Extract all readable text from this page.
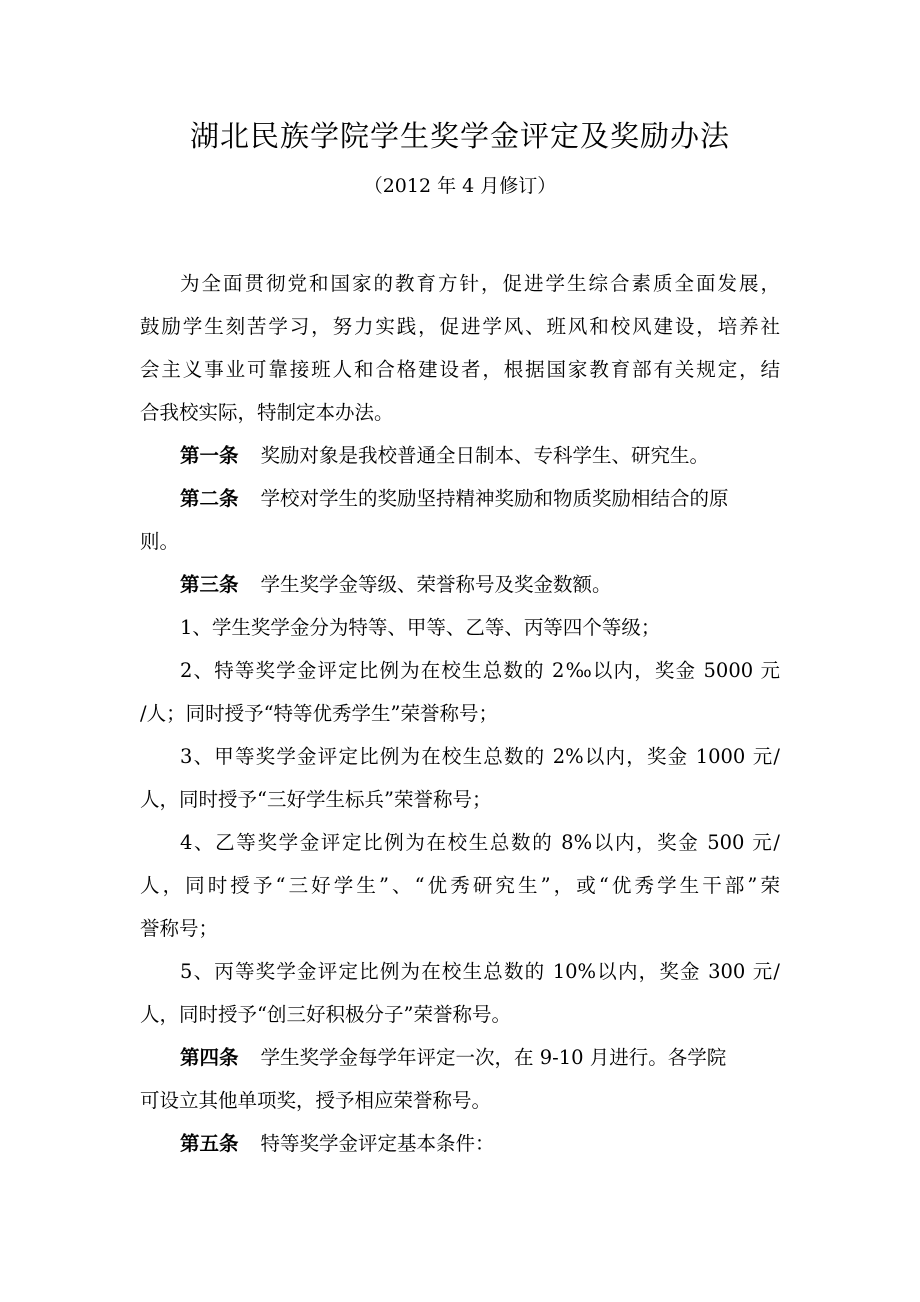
湖北民族学院学生奖学金评定及奖励办法
（2012 年 4 月修订）
为全面贯彻党和国家的教育方针，促进学生综合素质全面发展，
鼓励学生刻苦学习，努力实践，促进学风、班风和校风建设，培养社
会主义事业可靠接班人和合格建设者，根据国家教育部有关规定，结
合我校实际，特制定本办法。
第一条 奖励对象是我校普通全日制本、专科学生、研究生。
第二条 学校对学生的奖励坚持精神奖励和物质奖励相结合的原
则。
第三条 学生奖学金等级、荣誉称号及奖金数额。
1、学生奖学金分为特等、甲等、乙等、丙等四个等级；
2、特等奖学金评定比例为在校生总数的 2‰以内，奖金 5000 元
/人；同时授予“特等优秀学生”荣誉称号；
3、甲等奖学金评定比例为在校生总数的 2%以内，奖金 1000 元/
人，同时授予“三好学生标兵”荣誉称号；
4、乙等奖学金评定比例为在校生总数的 8%以内，奖金 500 元/
人，同时授予“三好学生”、“优秀研究生”，或“优秀学生干部”荣
誉称号；
5、丙等奖学金评定比例为在校生总数的 10%以内，奖金 300 元/
人，同时授予“创三好积极分子”荣誉称号。
第四条 学生奖学金每学年评定一次，在 9-10 月进行。各学院
可设立其他单项奖，授予相应荣誉称号。
第五条 特等奖学金评定基本条件：
